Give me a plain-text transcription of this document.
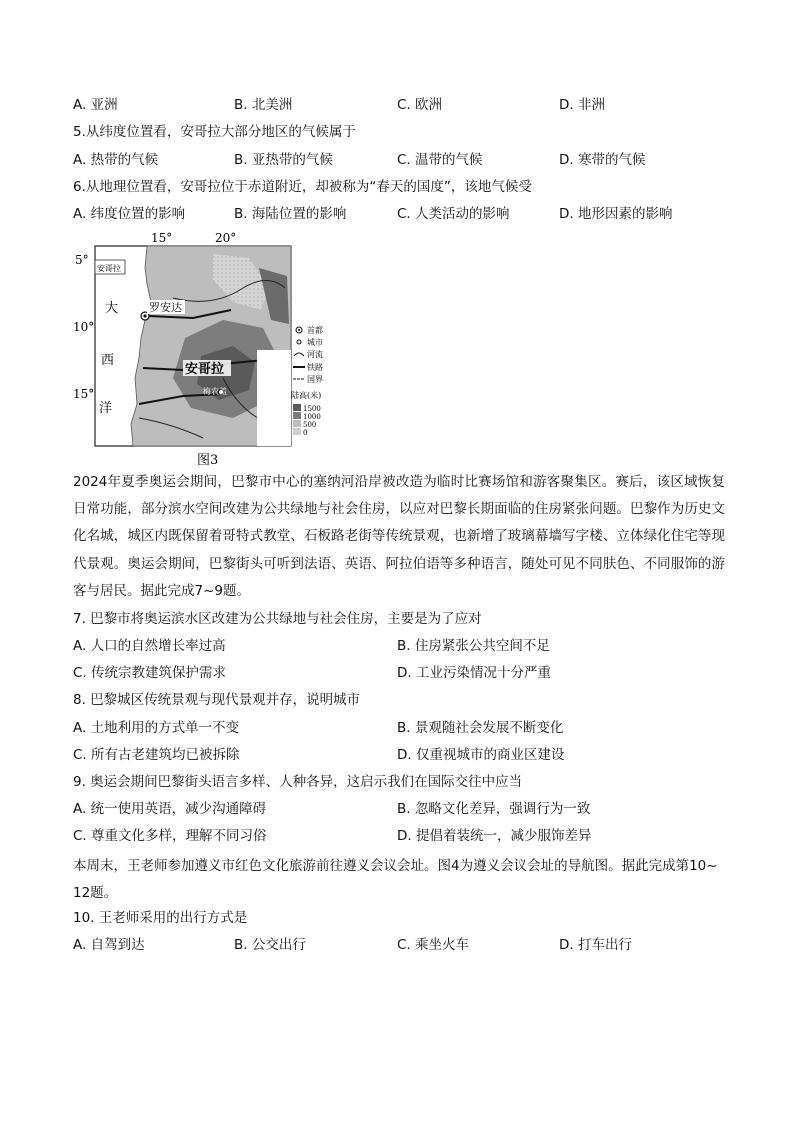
A. 亚洲	B. 北美洲	C. 欧洲	D. 非洲
5.从纬度位置看，安哥拉大部分地区的气候属于
A. 热带的气候	B. 亚热带的气候	C. 温带的气候	D. 寒带的气候
6.从地理位置看，安哥拉位于赤道附近，却被称为“春天的国度”，该地气候受
A. 纬度位置的影响	B. 海陆位置的影响	C. 人类活动的影响	D. 地形因素的影响
15°	20°
5°
10°
15°
安哥拉
大
西
洋
罗安达
安哥拉
梅农盖
首都
城市
河流
铁路
国界
陆高(米)
1500
1000
500
0
图3
2024年夏季奥运会期间，巴黎市中心的塞纳河沿岸被改造为临时比赛场馆和游客聚集区。赛后，该区域恢复日常功能，部分滨水空间改建为公共绿地与社会住房，以应对巴黎长期面临的住房紧张问题。巴黎作为历史文化名城，城区内既保留着哥特式教堂、石板路老街等传统景观，也新增了玻璃幕墙写字楼、立体绿化住宅等现代景观。奥运会期间，巴黎街头可听到法语、英语、阿拉伯语等多种语言，随处可见不同肤色、不同服饰的游客与居民。据此完成7~9题。
7. 巴黎市将奥运滨水区改建为公共绿地与社会住房，主要是为了应对
A. 人口的自然增长率过高	B. 住房紧张公共空间不足
C. 传统宗教建筑保护需求	D. 工业污染情况十分严重
8. 巴黎城区传统景观与现代景观并存，说明城市
A. 土地利用的方式单一不变	B. 景观随社会发展不断变化
C. 所有古老建筑均已被拆除	D. 仅重视城市的商业区建设
9. 奥运会期间巴黎街头语言多样、人种各异，这启示我们在国际交往中应当
A. 统一使用英语，减少沟通障碍	B. 忽略文化差异，强调行为一致
C. 尊重文化多样，理解不同习俗	D. 提倡着装统一，减少服饰差异
本周末，王老师参加遵义市红色文化旅游前往遵义会议会址。图4为遵义会议会址的导航图。据此完成第10~12题。
10. 王老师采用的出行方式是
A. 自驾到达	B. 公交出行	C. 乘坐火车	D. 打车出行
